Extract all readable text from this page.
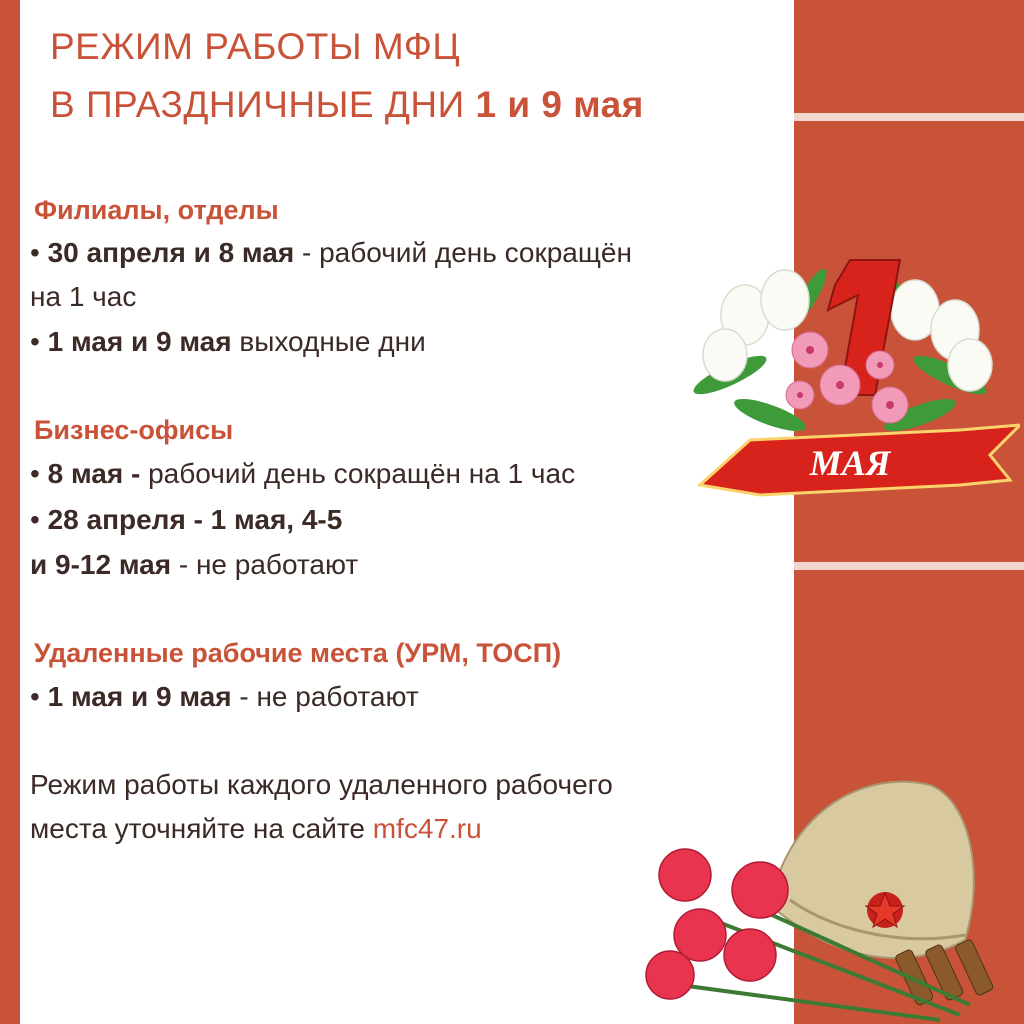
РЕЖИМ РАБОТЫ МФЦ
В ПРАЗДНИЧНЫЕ ДНИ 1 и 9 мая
Филиалы, отделы

• 30 апреля и 8 мая - рабочий день сокращён

на 1 час

• 1 мая и 9 мая выходные дни

Бизнес-офисы

• 8 мая - рабочий день сокращён на 1 час

• 28 апреля - 1 мая, 4-5

и 9-12 мая - не работают

Удаленные рабочие места (УРМ, ТОСП)

• 1 мая и 9 мая - не работают

Режим работы каждого удаленного рабочего

места уточняйте на сайте mfc47.ru

МАЯ
